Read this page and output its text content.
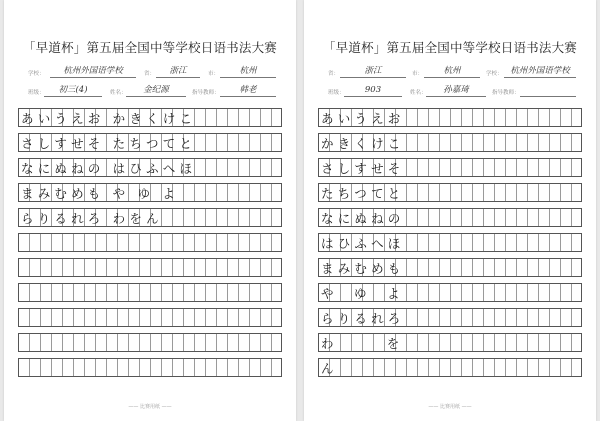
「早道杯」第五届全国中等学校日语书法大赛
学校：	杭州外国语学校	省：	浙江	市：	杭州
班级：	初三(4)	姓名：	金纪源	指导教师：	韩老
あいうえお かきくけこ
さしすせそ たちつてと
なにぬねの はひふへほ
まみむめも や ゆ よ
らりるれろ わをん
—— 比赛用纸 ——
「早道杯」第五届全国中等学校日语书法大赛
省：	浙江	市：	杭州	学校： 杭州外国语学校
班级：	903	姓名：	孙嘉琦	指导教师：
あいうえお
かきくけこ
さしすせそ
たちつてと
なにぬねの
はひふへほ
まみむめも
や  ゆ  よ
らりるれろ
わ      を
ん
—— 比赛用纸 ——
